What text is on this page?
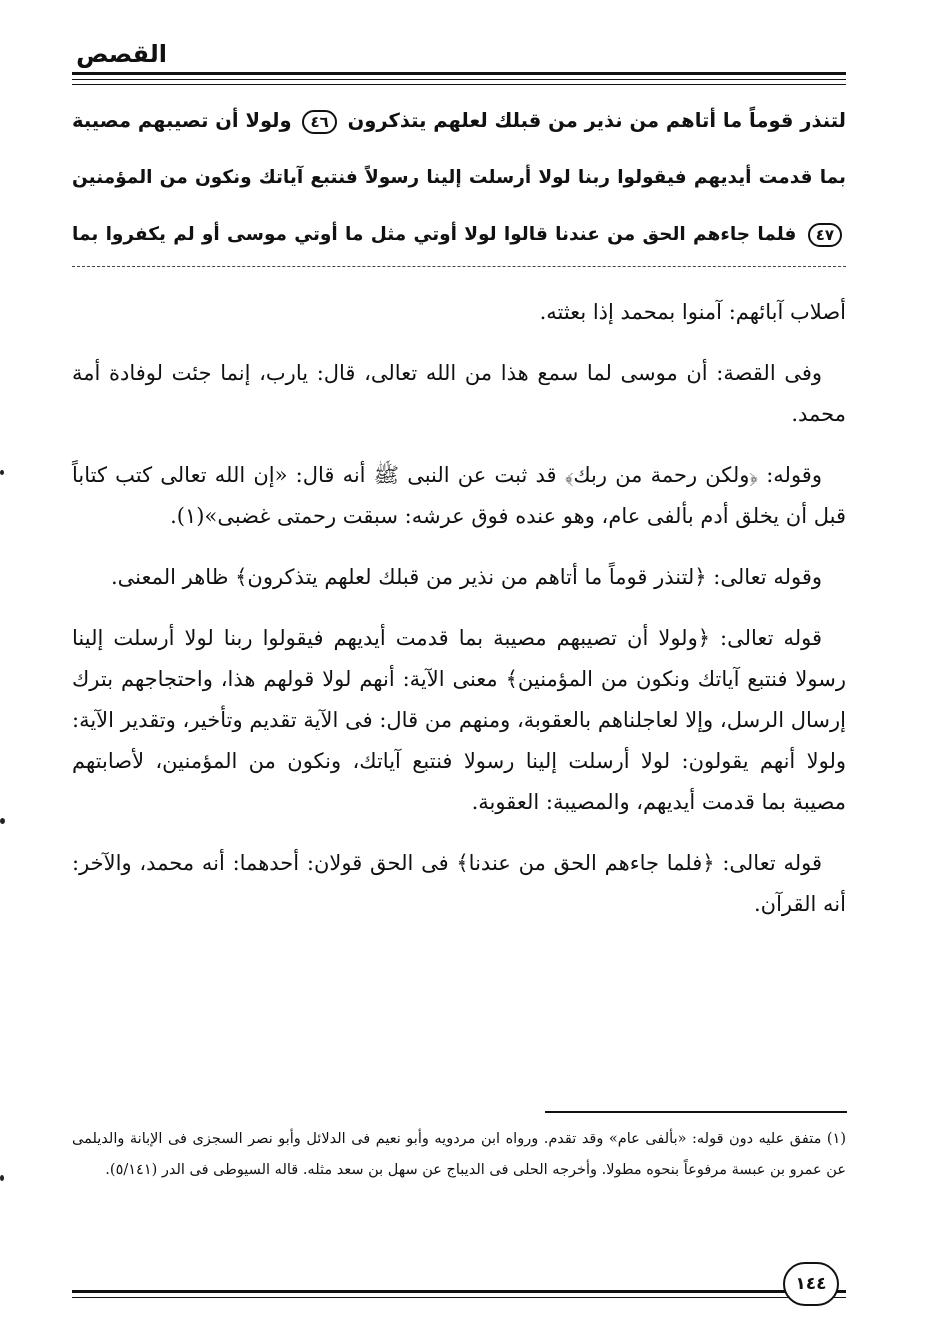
القصص
لتنذر قوماً ما أتاهم من نذير من قبلك لعلهم يتذكرون ٤٦ ولولا أن تصيبهم مصيبة
بما قدمت أيديهم فيقولوا ربنا لولا أرسلت إلينا رسولاً فنتبع آياتك ونكون من المؤمنين
٤٧ فلما جاءهم الحق من عندنا قالوا لولا أوتي مثل ما أوتي موسى أو لم يكفروا بما

أصلاب آبائهم: آمنوا بمحمد إذا بعثته.

وفى القصة: أن موسى لما سمع هذا من الله تعالى، قال: يارب، إنما جئت لوفادة أمة محمد.

وقوله: ﴿ولكن رحمة من ربك﴾ قد ثبت عن النبى ﷺ أنه قال: «إن الله تعالى كتب كتاباً قبل أن يخلق أدم بألفى عام، وهو عنده فوق عرشه: سبقت رحمتى غضبى»(١).

وقوله تعالى: ﴿لتنذر قوماً ما أتاهم من نذير من قبلك لعلهم يتذكرون﴾ ظاهر المعنى.

قوله تعالى: ﴿ولولا أن تصيبهم مصيبة بما قدمت أيديهم فيقولوا ربنا لولا أرسلت إلينا رسولا فنتبع آياتك ونكون من المؤمنين﴾ معنى الآية: أنهم لولا قولهم هذا، واحتجاجهم بترك إرسال الرسل، وإلا لعاجلناهم بالعقوبة، ومنهم من قال: فى الآية تقديم وتأخير، وتقدير الآية: ولولا أنهم يقولون: لولا أرسلت إلينا رسولا فنتبع آياتك، ونكون من المؤمنين، لأصابتهم مصيبة بما قدمت أيديهم، والمصيبة: العقوبة.

قوله تعالى: ﴿فلما جاءهم الحق من عندنا﴾ فى الحق قولان: أحدهما: أنه محمد، والآخر: أنه القرآن.

(١) متفق عليه دون قوله: «بألفى عام» وقد تقدم. ورواه ابن مردويه وأبو نعيم فى الدلائل وأبو نصر السجزى فى الإبانة والديلمى عن عمرو بن عبسة مرفوعاً بنحوه مطولا. وأخرجه الحلى فى الديباج عن سهل بن سعد مثله. قاله السيوطى فى الدر (٥/١٤١).
١٤٤
